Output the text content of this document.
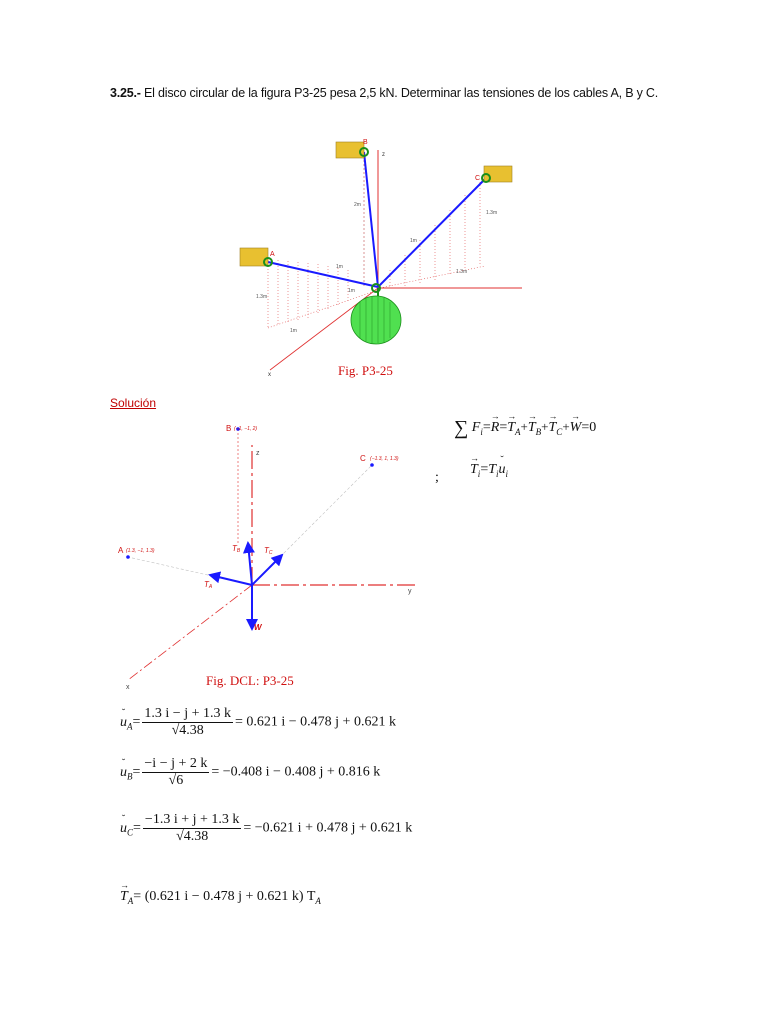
3.25.- El disco circular de la figura P3-25 pesa 2,5 kN. Determinar las tensiones de los cables A, B y C.
z
x
B
C
A
2m
1.3m
1.3m
1.3m
1m
1m
1m
1m
Fig. P3-25
Solución
z
y
x
B (−1, −1, 2)
C (−1.3, 1, 1.3)
A (1.3, −1, 1.3)	TB	TC
TA
W
Fig. DCL: P3-25
∑ $F_i=\to R=\to T_A+\to T_B+\to T_C+\to W=0$
;
→ $T_i=T_i˘$ $u_i$
˘ $u_A= \frac{1.3 i - j + 1.3 k}{√4.38} = 0.621$ i − 0.478 j + 0.621 k
˘ $u_B= \frac{-i - j + 2 k}{√6} = -0.408$ i − 0.408 j + 0.816 k
˘ $u_C= \frac{-1.3 i + j + 1.3 k}{√4.38} = -0.621$ i + 0.478 j + 0.621 k
→ $T_A= (0.621$ i − 0.478 j + 0.621 k) $T_A$
